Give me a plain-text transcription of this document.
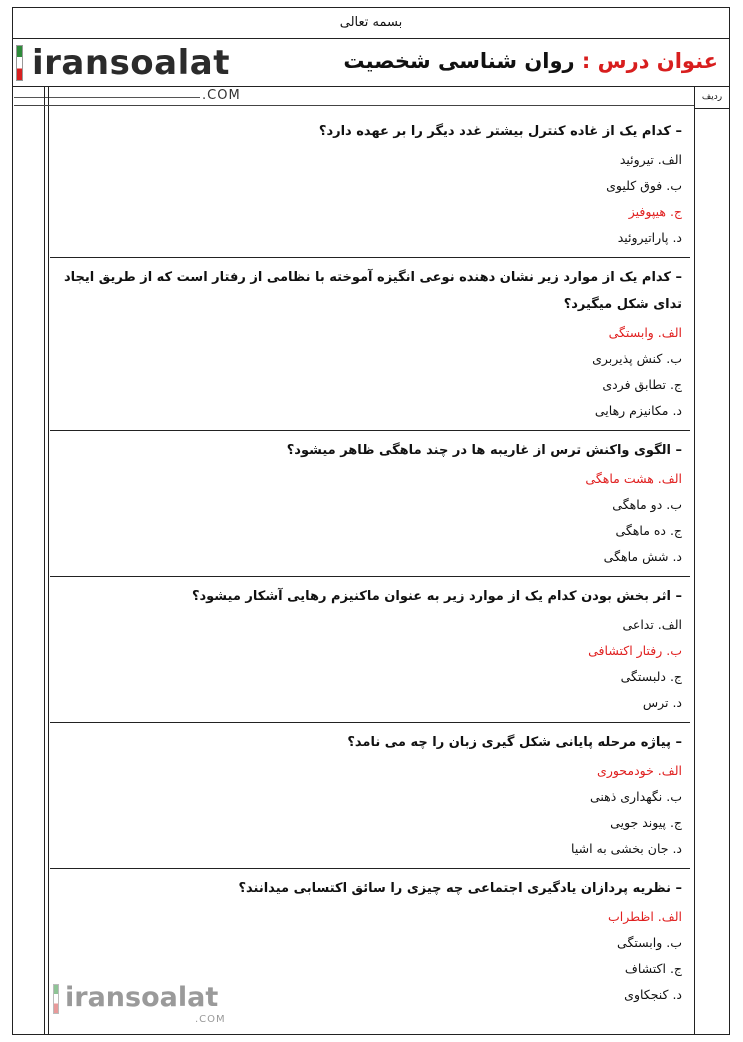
بسمه تعالی
iransoalat	عنوان درس : روان شناسی شخصیت
.COM	ردیف
– کدام یک از غاده کنترل بیشتر غدد دیگر را بر عهده دارد؟
الف. تیروئید
ب. فوق کلیوی
ج. هیپوفیز
د. پاراتیروئید
– کدام یک از موارد زیر نشان دهنده نوعی انگیزه آموخته با نظامی از رفتار است که از طریق ایجاد تدای شکل میگیرد؟
الف. وابستگی
ب. کنش پذیربری
ج. تطابق فردی
د. مکانیزم رهایی
– الگوی واکنش ترس از غاریبه ها در چند ماهگی ظاهر میشود؟
الف. هشت ماهگی
ب. دو ماهگی
ج. ده ماهگی
د. شش ماهگی
– اثر بخش بودن کدام یک از موارد زیر به عنوان ماکنیزم رهایی آشکار میشود؟
الف. تداعی
ب. رفتار اکتشافی
ج. دلبستگی
د. ترس
– پیاژه مرحله پایانی شکل گیری زبان را چه می نامد؟
الف. خودمحوری
ب. نگهداری ذهنی
ج. پیوند جویی
د. جان بخشی به اشیا
– نظریه پردازان یادگیری اجتماعی چه چیزی را سائق اکتسابی میدانند؟
الف. اظطراب
ب. وابستگی
ج. اکتشاف
د. کنجکاوی
iransoalat
.COM
